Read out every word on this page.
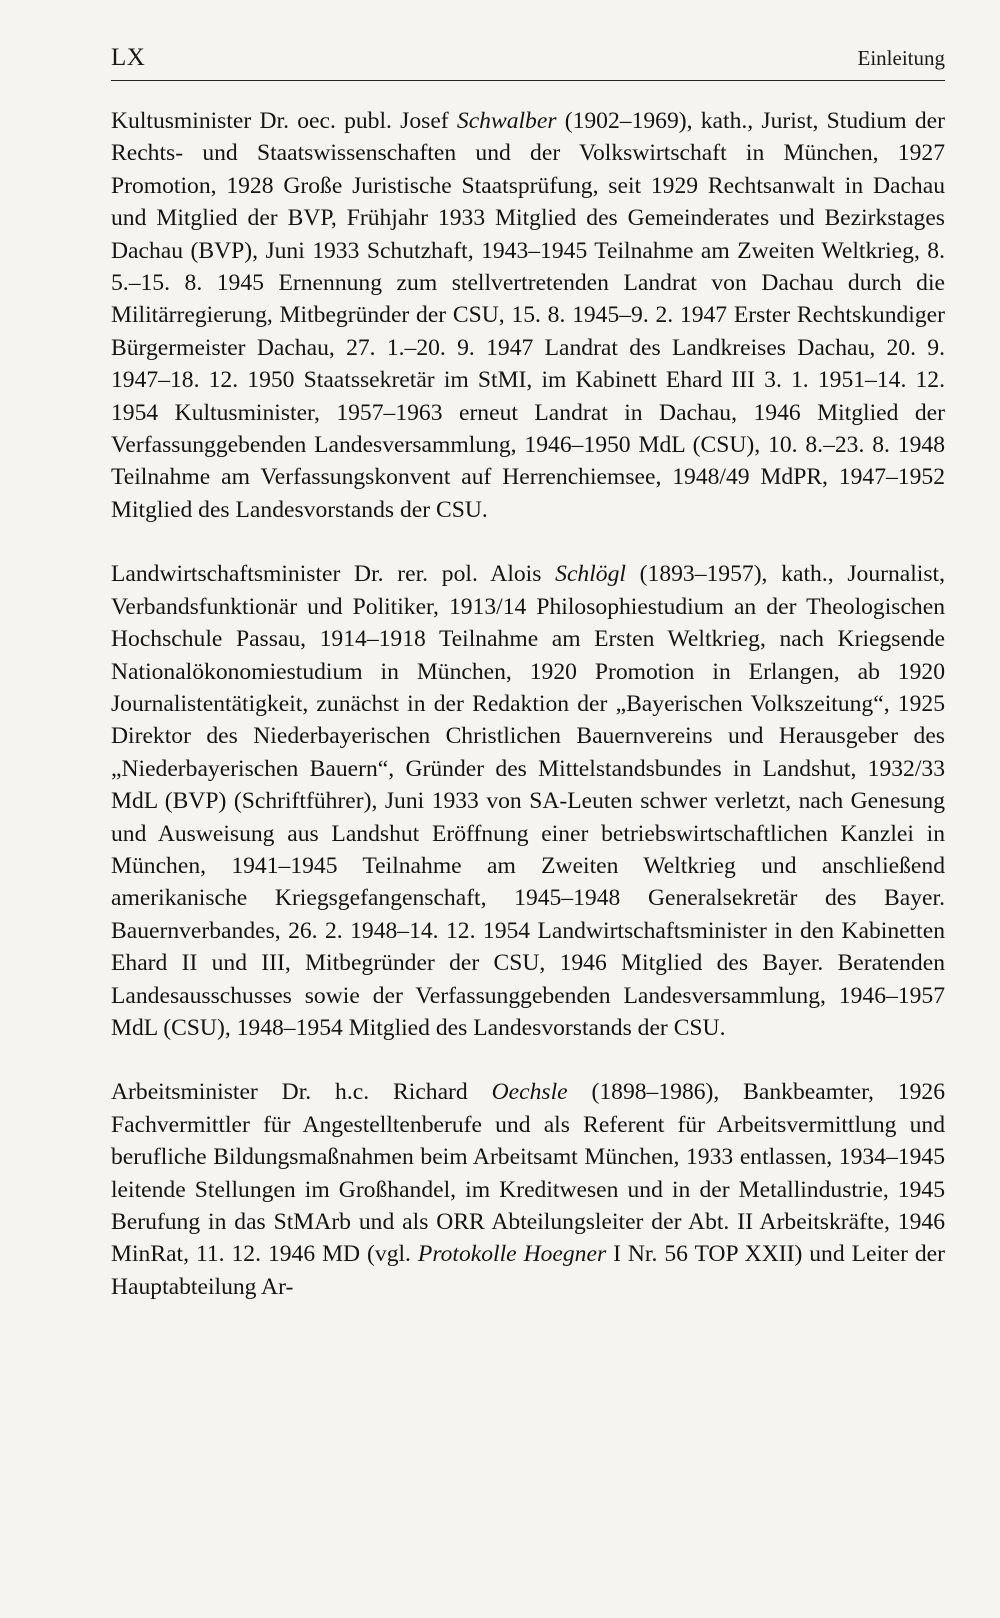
LX	Einleitung

Kultusminister Dr. oec. publ. Josef Schwalber (1902–1969), kath., Jurist, Studium der Rechts- und Staatswissenschaften und der Volkswirtschaft in München, 1927 Promotion, 1928 Große Juristische Staatsprüfung, seit 1929 Rechtsanwalt in Dachau und Mitglied der BVP, Frühjahr 1933 Mitglied des Gemeinderates und Bezirkstages Dachau (BVP), Juni 1933 Schutzhaft, 1943–1945 Teilnahme am Zweiten Weltkrieg, 8. 5.–15. 8. 1945 Ernennung zum stellvertretenden Landrat von Dachau durch die Militärregierung, Mitbegründer der CSU, 15. 8. 1945–9. 2. 1947 Erster Rechtskundiger Bürgermeister Dachau, 27. 1.–20. 9. 1947 Landrat des Landkreises Dachau, 20. 9. 1947–18. 12. 1950 Staatssekretär im StMI, im Kabinett Ehard III 3. 1. 1951–14. 12. 1954 Kultusminister, 1957–1963 erneut Landrat in Dachau, 1946 Mitglied der Verfassunggebenden Landesversammlung, 1946–1950 MdL (CSU), 10. 8.–23. 8. 1948 Teilnahme am Verfassungskonvent auf Herrenchiemsee, 1948/49 MdPR, 1947–1952 Mitglied des Landesvorstands der CSU.

Landwirtschaftsminister Dr. rer. pol. Alois Schlögl (1893–1957), kath., Journalist, Verbandsfunktionär und Politiker, 1913/14 Philosophiestudium an der Theologischen Hochschule Passau, 1914–1918 Teilnahme am Ersten Weltkrieg, nach Kriegsende Nationalökonomiestudium in München, 1920 Promotion in Erlangen, ab 1920 Journalistentätigkeit, zunächst in der Redaktion der „Bayerischen Volkszeitung“, 1925 Direktor des Niederbayerischen Christlichen Bauernvereins und Herausgeber des „Niederbayerischen Bauern“, Gründer des Mittelstandsbundes in Landshut, 1932/33 MdL (BVP) (Schriftführer), Juni 1933 von SA-Leuten schwer verletzt, nach Genesung und Ausweisung aus Landshut Eröffnung einer betriebswirtschaftlichen Kanzlei in München, 1941–1945 Teilnahme am Zweiten Weltkrieg und anschließend amerikanische Kriegsgefangenschaft, 1945–1948 Generalsekretär des Bayer. Bauernverbandes, 26. 2. 1948–14. 12. 1954 Landwirtschaftsminister in den Kabinetten Ehard II und III, Mitbegründer der CSU, 1946 Mitglied des Bayer. Beratenden Landesausschusses sowie der Verfassunggebenden Landesversammlung, 1946–1957 MdL (CSU), 1948–1954 Mitglied des Landesvorstands der CSU.

Arbeitsminister Dr. h.c. Richard Oechsle (1898–1986), Bankbeamter, 1926 Fachvermittler für Angestelltenberufe und als Referent für Arbeitsvermittlung und berufliche Bildungsmaßnahmen beim Arbeitsamt München, 1933 entlassen, 1934–1945 leitende Stellungen im Großhandel, im Kreditwesen und in der Metallindustrie, 1945 Berufung in das StMArb und als ORR Abteilungsleiter der Abt. II Arbeitskräfte, 1946 MinRat, 11. 12. 1946 MD (vgl. Protokolle Hoegner I Nr. 56 TOP XXII) und Leiter der Hauptabteilung Ar-
